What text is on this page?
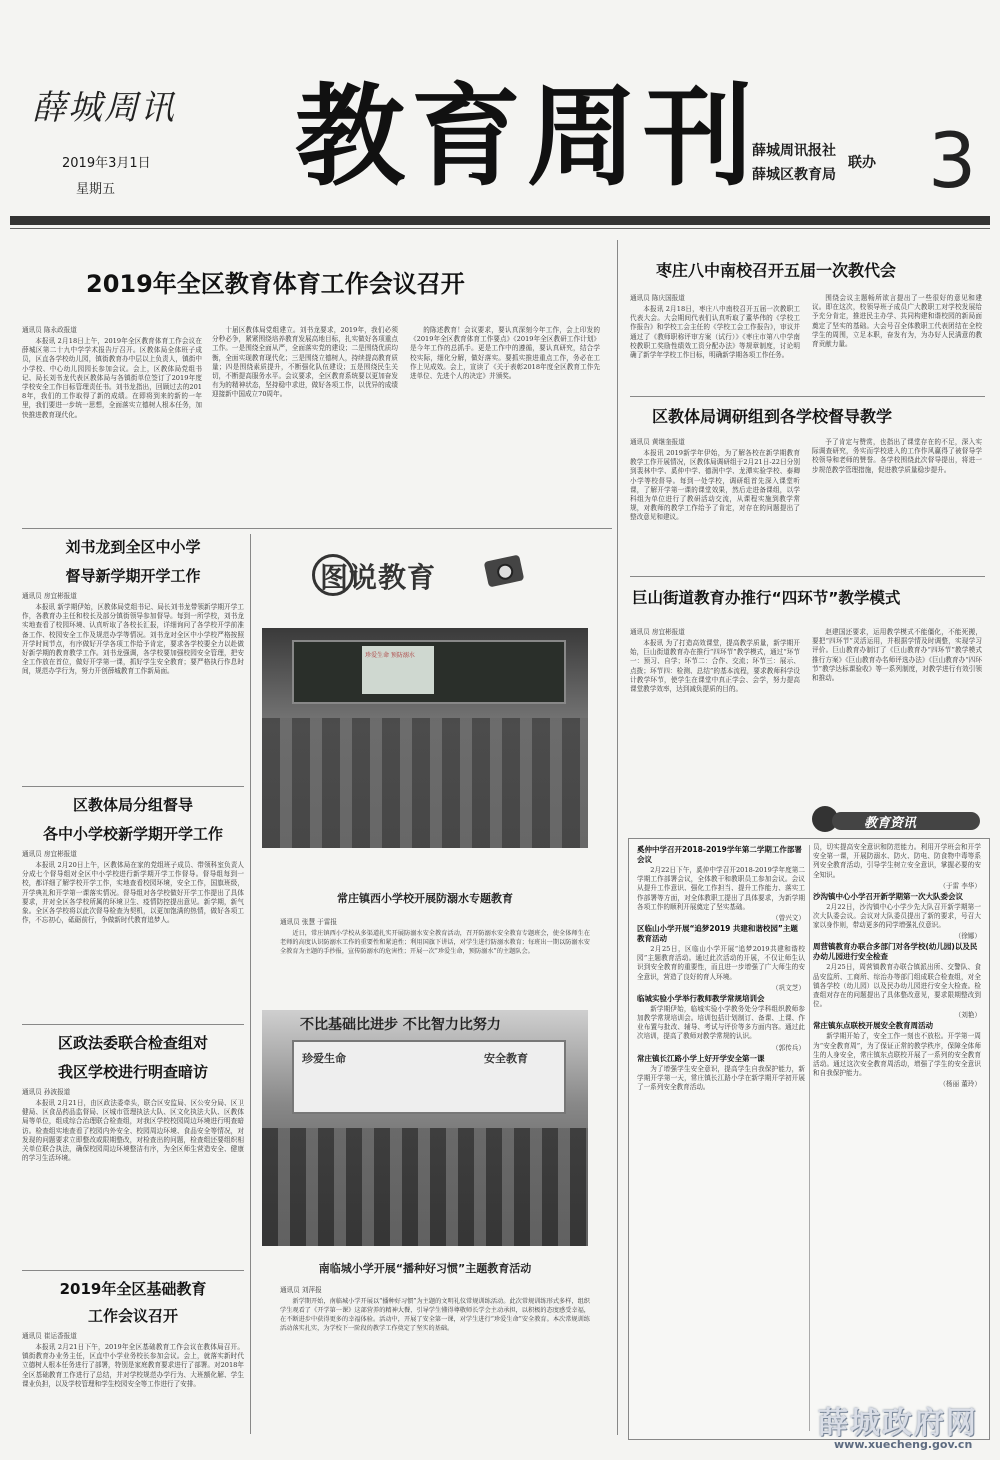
薛城周讯
2019年3月1日
星期五 教育周刊
薛城周讯报社
薛城区教育局
联办 3
2019年全区教育体育工作会议召开

通讯员 陈永政报道

本报讯 2月18日上午，2019年全区教育体育工作会议在薛城区第二十九中学学术报告厅召开。区教体局全体班子成员，区直各学校幼儿园，镇街教育办中层以上负责人，镇街中小学校、中心幼儿园园长参加会议。会上，区教体局党组书记、局长刘书龙代表区教体局与各镇街单位签订了2019年度学校安全工作目标管理责任书。刘书龙指出，回顾过去的2018年，我们的工作取得了新的成绩。在即将到来的新的一年里，我们要进一步统一思想，全面落实立德树人根本任务，加快推进教育现代化。

十届区教体局党组建立。刘书龙要求，2019年，我们必须分秒必争，紧紧围绕培养教育发展高地目标，扎实做好各项重点工作。一是围绕全面从严，全面落实党的建设；二是围绕优质均衡，全面实现教育现代化；三是围绕立德树人，持续提高教育质量；四是围绕素质提升，不断强化队伍建设；五是围绕民生关切，不断提高服务水平。会议要求，全区教育系统要以更加奋发有为的精神状态，坚持稳中求进，做好各项工作，以优异的成绩迎接新中国成立70周年。

的陈述教育！会议要求，要认真深刻今年工作，会上印发的《2019年全区教育体育工作要点》《2019年全区教研工作计划》是今年工作的总抓手。更是工作中的遵循，要认真研究，结合学校实际，细化分解，做好落实。要抓实推进重点工作，务必在工作上见成效。会上，宣读了《关于表彰2018年度全区教育工作先进单位、先进个人的决定》并颁奖。

刘书龙到全区中小学
督导新学期开学工作

通讯员 房宜彬报道

本报讯 新学期伊始，区教体局党组书记、局长刘书龙带领新学期开学工作，各教育办主任和校长及部分镇街领导参加督导。每到一所学校，刘书龙实地查看了校园环境、认真听取了各校长汇报，详细询问了各学校开学前准备工作、校园安全工作及规范办学等情况。刘书龙对全区中小学校严格按照开学时间节点，有序做好开学各项工作给予肯定，要求各学校要全力以赴做好新学期的教育教学工作。刘书龙强调，各学校要加强校园安全管理，把安全工作放在首位，做好开学第一课，抓好学生安全教育；要严格执行作息时间，规范办学行为，努力开创薛城教育工作新局面。

区教体局分组督导
各中小学校新学期开学工作

通讯员 房宜彬报道

本报讯 2月20日上午，区教体局在家的党组班子成员、带领科室负责人分成七个督导组对全区中小学校进行新学期开学工作督导。督导组每到一校，都详细了解学校开学工作，实地查看校园环境，安全工作，国旗班级，开学典礼和开学第一课落实情况。督导组对各学校做好开学工作提出了具体要求，并对全区各学校所属的环境卫生、疫情防控提出意见。新学期，新气象。全区各学校将以此次督导检查为契机，以更加饱满的热情，做好各项工作，不忘初心，砥砺前行，争做新时代教育追梦人。

区政法委联合检查组对
我区学校进行明查暗访

通讯员 孙波报道

本报讯 2月21日，由区政法委牵头，联合区安监局、区公安分局、区卫健局、区食品药品监督局、区城市管理执法大队、区文化执法大队、区教体局等单位，组成综合治理联合检查组，对我区学校校园周边环境进行明查暗访。检查组实地查看了校园内外安全、校园周边环境、食品安全等情况，对发现的问题要求立即整改或限期整改，对检查出的问题，检查组还要组织相关单位联合执法，确保校园周边环境整洁有序，为全区师生营造安全、健康的学习生活环境。

2019年全区基础教育
工作会议召开

通讯员 崔运香报道

本报讯 2月21日下午，2019年全区基础教育工作会议在教体局召开。镇街教育办业务主任，区直中小学业务校长参加会议。会上，就落实新时代立德树人根本任务进行了部署，特别是家庭教育要求进行了部署。对2018年全区基础教育工作进行了总结，并对学校规范办学行为、大班额化解、学生课业负担，以及学校管理和学生校园安全等工作进行了安排。

图说教育
珍爱生命 预防溺水
常庄镇西小学校开展防溺水专题教育

通讯员 张慧 于雷报

近日，常庄镇西小学校从多渠道扎实开展防溺水安全教育活动，召开防溺水安全教育专题班会，使全体师生在老师的高度认识防溺水工作的重要性和紧迫性；利用国旗下讲话，对学生进行防溺水教育；每班出一期以防溺水安全教育为主题的手抄报，宣传防溺水的危害性；开展一次“珍爱生命，预防溺水”的主题队会。

不比基础比进步 不比智力比努力
珍爱生命	安全教育
南临城小学开展“播种好习惯”主题教育活动

通讯员 刘萍报

新学期开始，南临城小学开展以“播种好习惯”为主题的文明礼仪常规训练活动。此次常规训练形式多样，组织学生观看了《开学第一课》这部营养的精神大餐，引导学生懂得尊敬师长学会主动承担，以积极的态度感受幸福，在不断进步中获得更多的幸福体验。活动中，开展了安全第一课，对学生进行“珍爱生命”安全教育。本次常规训练活动落实扎实，为学校下一阶段的教学工作奠定了坚实的基础。

枣庄八中南校召开五届一次教代会

通讯员 陈庆国报道

本报讯 2月18日，枣庄八中南校召开五届一次教职工代表大会。大会期间代表们认真听取了董华伟的《学校工作报告》和学校工会主任的《学校工会工作报告》，审议并通过了《教师职称评审方案（试行）》《枣庄市第八中学南校教职工奖励性绩效工资分配办法》等规章制度，讨论明确了新学年学校工作目标，明确新学期各项工作任务。

围绕会议主题畅所欲言提出了一些很好的意见和建议。即在这次，校领导班子成员广大教职工对学校发展给予充分肯定，推进民主办学、共同构建和谐校园的新局面奠定了坚实的基础。大会号召全体教职工代表团结在全校学生的周围，立足本职，奋发有为，为办好人民满意的教育贡献力量。

区教体局调研组到各学校督导教学

通讯员 黄继奎报道

本报讯 2019新学年伊始，为了解各校在新学期教育教学工作开展情况，区教体局调研组于2月21日-22日分别到裴林中学、奚仲中学、德润中学、龙潭实验学校、泰卿小学等校督导。每到一处学校，调研组首先深入课堂听课，了解开学第一课的课堂效果，然后走进备课组，以学科组为单位进行了教研活动交流，从课程实施到教学常规，对教师的教学工作给予了肯定，对存在的问题提出了整改意见和建议。

予了肯定与赞赏，也指出了课堂存在的不足，深入实际调查研究，务实而学校进入的工作作风赢得了被督导学校领导和老师的赞誉。各学校围绕此次督导提出，将进一步规范教学管理措施，促进教学质量稳步提升。

巨山街道教育办推行“四环节”教学模式

通讯员 房宜彬报道

本报讯 为了打造高效课堂，提高教学质量，新学期开始，巨山街道教育办在推行“四环节”教学模式，通过“环节一：预习、自学；环节二：合作、交流；环节三：展示、点拨；环节四：检测、总结”的基本流程，要求教师科学设计教学环节，使学生在课堂中真正学会、会学，努力提高课堂教学效率，达到减负提质的目的。

赵建国还要求，运用教学模式不能僵化，不能死搬，要把“四环节”灵活运用，并根据学情及时调整，实现学习评价。巨山教育办制订了《巨山教育办“四环节”教学模式推行方案》《巨山教育办名师评选办法》《巨山教育办“四环节”教学达标课验收》等一系列制度，对教学进行有效引领和推动。

教育资讯

奚仲中学召开2018-2019学年第二学期工作部署会议

2月22日下午，奚仲中学召开2018-2019学年度第二学期工作部署会议，全体教干和教职员工参加会议。会议从提升工作意识、强化工作担当、提升工作能力、落实工作部署等方面，对全体教职工提出了具体要求，为新学期各项工作的顺利开展奠定了坚实基础。

（曾兴文）

区临山小学开展“追梦2019 共建和谐校园”主题教育活动

2月25日，区临山小学开展“追梦2019共建和谐校园”主题教育活动。通过此次活动的开展，不仅让师生认识到安全教育的重要性，而且进一步增强了广大师生的安全意识，营造了良好的育人环境。

（巩文芝）

临城实验小学举行教师教学常规培训会

新学期伊始，临城实验小学教务处分学科组织教师参加教学常规培训会。培训包括计划制订、备课、上课、作业布置与批改、辅导、考试与评价等多方面内容。通过此次培训，提高了教师对教学常规的认识。

（郭传兵）

常庄镇长江路小学上好开学安全第一课

为了增强学生安全意识，提高学生自我保护能力，新学期开学第一天，常庄镇长江路小学在新学期开学初开展了一系列安全教育活动。

员，切实提高安全意识和防范能力。利用开学班会和开学安全第一课，开展防溺水、防火、防电、防食物中毒等系列安全教育活动，引导学生树立安全意识，掌握必要的安全知识。

（于雷 李华）

沙沟镇中心小学召开新学期第一次大队委会议

2月22日，沙沟镇中心小学少先大队召开新学期第一次大队委会议。会议对大队委员提出了新的要求，号召大家以身作则，带动更多的同学增强礼仪意识。

（徐娜）

周营镇教育办联合多部门对各学校(幼儿园)以及民办幼儿园进行安全检查

2月25日，周营镇教育办联合镇派出所、交警队、食品安监所、工商所、综治办等部门组成联合检查组，对全镇各学校（幼儿园）以及民办幼儿园进行安全大检查。检查组对存在的问题提出了具体整改意见，要求限期整改到位。

（刘艳）

常庄镇东点联校开展安全教育周活动

新学期开始了，安全工作一刻也不放松。开学第一周为“安全教育周”，为了保证正常的教学秩序，保障全体师生的人身安全，常庄镇东点联校开展了一系列的安全教育活动。通过这次安全教育周活动，增强了学生的安全意识和自我保护能力。

（杨丽 董玲）

薛城政府网
www.xuecheng.gov.cn
